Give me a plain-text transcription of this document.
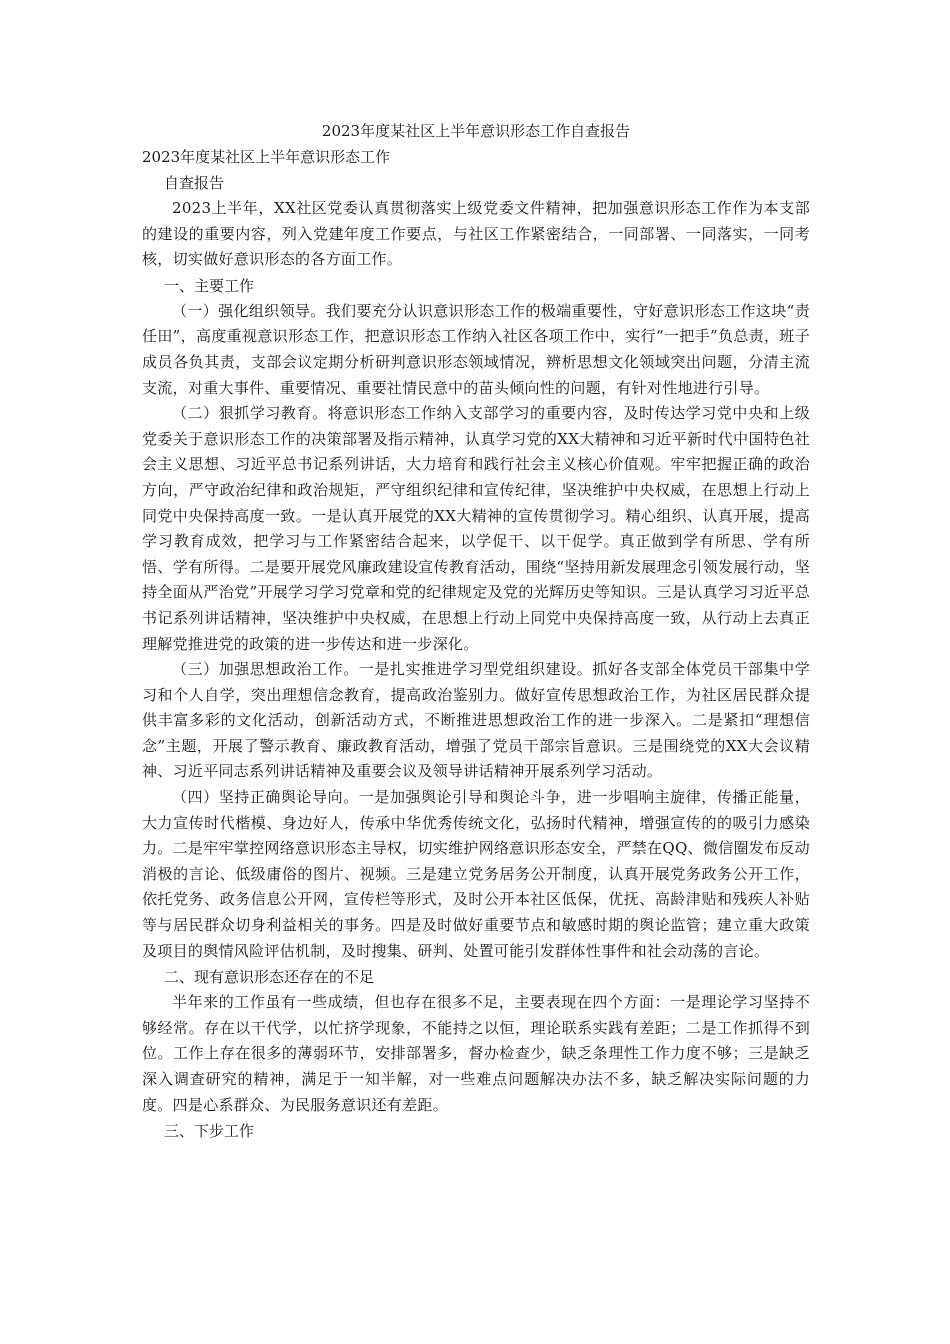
2023年度某社区上半年意识形态工作自查报告

2023年度某社区上半年意识形态工作

自查报告

2023上半年，XX社区党委认真贯彻落实上级党委文件精神，把加强意识形态工作作为本支部的建设的重要内容，列入党建年度工作要点，与社区工作紧密结合，一同部署、一同落实，一同考核，切实做好意识形态的各方面工作。

一、主要工作

（一）强化组织领导。我们要充分认识意识形态工作的极端重要性，守好意识形态工作这块“责任田”，高度重视意识形态工作，把意识形态工作纳入社区各项工作中，实行“一把手”负总责，班子成员各负其责，支部会议定期分析研判意识形态领域情况，辨析思想文化领域突出问题，分清主流支流，对重大事件、重要情况、重要社情民意中的苗头倾向性的问题，有针对性地进行引导。

（二）狠抓学习教育。将意识形态工作纳入支部学习的重要内容，及时传达学习党中央和上级党委关于意识形态工作的决策部署及指示精神，认真学习党的XX大精神和习近平新时代中国特色社会主义思想、习近平总书记系列讲话，大力培育和践行社会主义核心价值观。牢牢把握正确的政治方向，严守政治纪律和政治规矩，严守组织纪律和宣传纪律，坚决维护中央权威，在思想上行动上同党中央保持高度一致。一是认真开展党的XX大精神的宣传贯彻学习。精心组织、认真开展，提高学习教育成效，把学习与工作紧密结合起来，以学促干、以干促学。真正做到学有所思、学有所悟、学有所得。二是要开展党风廉政建设宣传教育活动，围绕“坚持用新发展理念引领发展行动，坚持全面从严治党”开展学习学习党章和党的纪律规定及党的光辉历史等知识。三是认真学习习近平总书记系列讲话精神，坚决维护中央权威，在思想上行动上同党中央保持高度一致，从行动上去真正理解党推进党的政策的进一步传达和进一步深化。

（三）加强思想政治工作。一是扎实推进学习型党组织建设。抓好各支部全体党员干部集中学习和个人自学，突出理想信念教育，提高政治鉴别力。做好宣传思想政治工作，为社区居民群众提供丰富多彩的文化活动，创新活动方式，不断推进思想政治工作的进一步深入。二是紧扣“理想信念”主题，开展了警示教育、廉政教育活动，增强了党员干部宗旨意识。三是围绕党的XX大会议精神、习近平同志系列讲话精神及重要会议及领导讲话精神开展系列学习活动。

（四）坚持正确舆论导向。一是加强舆论引导和舆论斗争，进一步唱响主旋律，传播正能量，大力宣传时代楷模、身边好人，传承中华优秀传统文化，弘扬时代精神，增强宣传的的吸引力感染力。二是牢牢掌控网络意识形态主导权，切实维护网络意识形态安全，严禁在QQ、微信圈发布反动消极的言论、低级庸俗的图片、视频。三是建立党务居务公开制度，认真开展党务政务公开工作，依托党务、政务信息公开网，宣传栏等形式，及时公开本社区低保，优抚、高龄津贴和残疾人补贴等与居民群众切身利益相关的事务。四是及时做好重要节点和敏感时期的舆论监管；建立重大政策及项目的舆情风险评估机制，及时搜集、研判、处置可能引发群体性事件和社会动荡的言论。

二、现有意识形态还存在的不足

半年来的工作虽有一些成绩，但也存在很多不足，主要表现在四个方面：一是理论学习坚持不够经常。存在以干代学，以忙挤学现象，不能持之以恒，理论联系实践有差距；二是工作抓得不到位。工作上存在很多的薄弱环节，安排部署多，督办检查少，缺乏条理性工作力度不够；三是缺乏深入调查研究的精神，满足于一知半解，对一些难点问题解决办法不多，缺乏解决实际问题的力度。四是心系群众、为民服务意识还有差距。

三、下步工作
